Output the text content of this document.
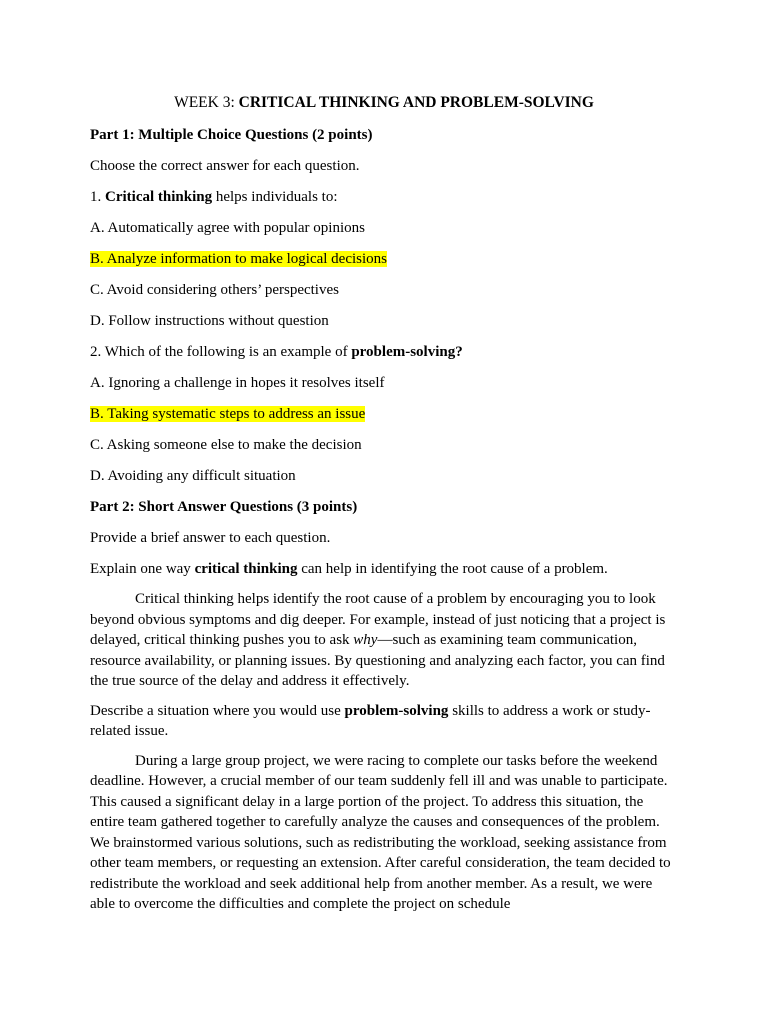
WEEK 3: CRITICAL THINKING AND PROBLEM-SOLVING
Part 1: Multiple Choice Questions (2 points)
Choose the correct answer for each question.
1. Critical thinking helps individuals to:
A. Automatically agree with popular opinions
B. Analyze information to make logical decisions
C. Avoid considering others’ perspectives
D. Follow instructions without question
2. Which of the following is an example of problem-solving?
A. Ignoring a challenge in hopes it resolves itself
B. Taking systematic steps to address an issue
C. Asking someone else to make the decision
D. Avoiding any difficult situation
Part 2: Short Answer Questions (3 points)
Provide a brief answer to each question.
Explain one way critical thinking can help in identifying the root cause of a problem.
Critical thinking helps identify the root cause of a problem by encouraging you to look beyond obvious symptoms and dig deeper. For example, instead of just noticing that a project is delayed, critical thinking pushes you to ask why—such as examining team communication, resource availability, or planning issues. By questioning and analyzing each factor, you can find the true source of the delay and address it effectively.
Describe a situation where you would use problem-solving skills to address a work or study-related issue.
During a large group project, we were racing to complete our tasks before the weekend deadline. However, a crucial member of our team suddenly fell ill and was unable to participate. This caused a significant delay in a large portion of the project. To address this situation, the entire team gathered together to carefully analyze the causes and consequences of the problem. We brainstormed various solutions, such as redistributing the workload, seeking assistance from other team members, or requesting an extension. After careful consideration, the team decided to redistribute the workload and seek additional help from another member. As a result, we were able to overcome the difficulties and complete the project on schedule
